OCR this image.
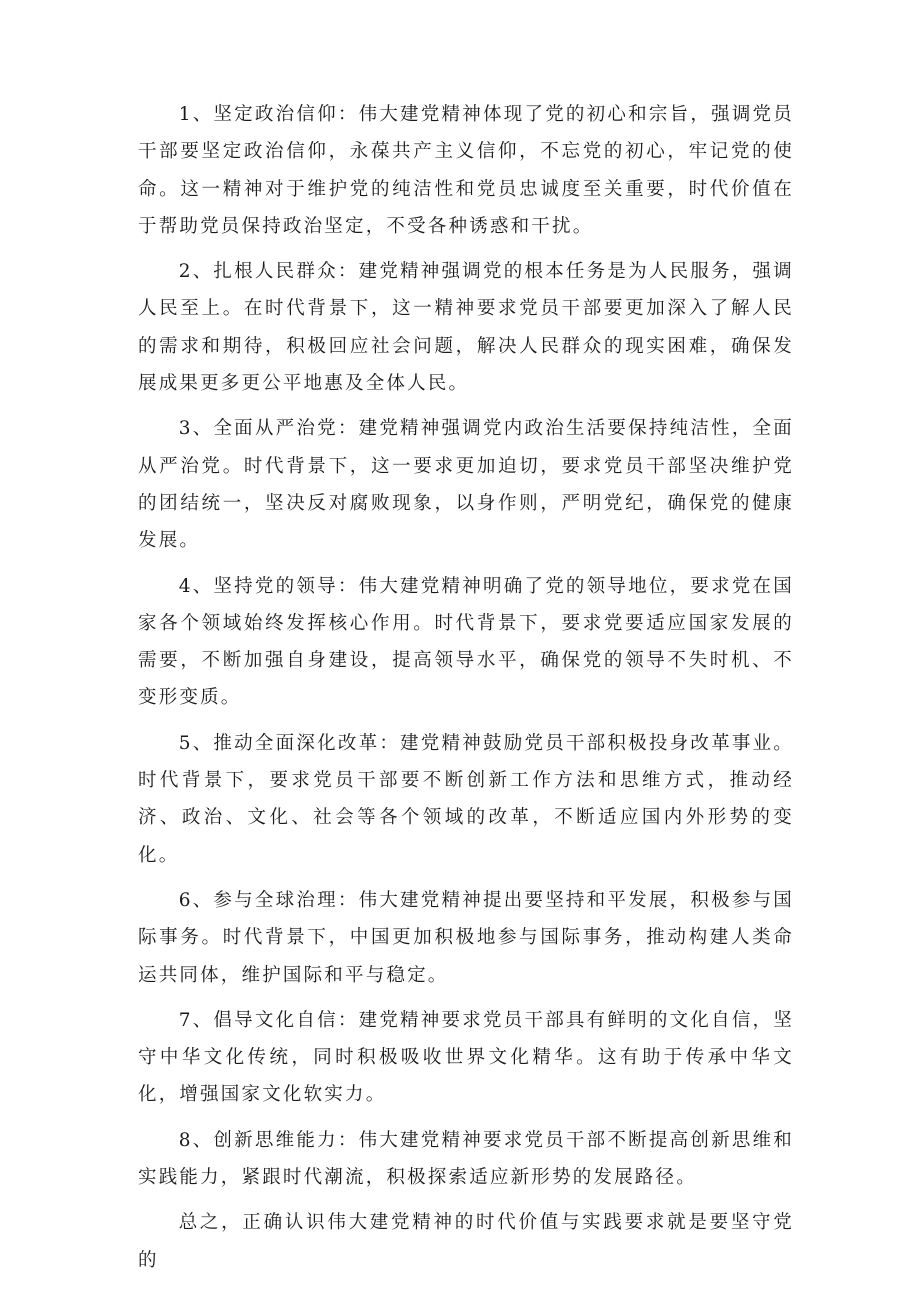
1、坚定政治信仰：伟大建党精神体现了党的初心和宗旨，强调党员干部要坚定政治信仰，永葆共产主义信仰，不忘党的初心，牢记党的使命。这一精神对于维护党的纯洁性和党员忠诚度至关重要，时代价值在于帮助党员保持政治坚定，不受各种诱惑和干扰。

2、扎根人民群众：建党精神强调党的根本任务是为人民服务，强调人民至上。在时代背景下，这一精神要求党员干部要更加深入了解人民的需求和期待，积极回应社会问题，解决人民群众的现实困难，确保发展成果更多更公平地惠及全体人民。

3、全面从严治党：建党精神强调党内政治生活要保持纯洁性，全面从严治党。时代背景下，这一要求更加迫切，要求党员干部坚决维护党的团结统一，坚决反对腐败现象，以身作则，严明党纪，确保党的健康发展。

4、坚持党的领导：伟大建党精神明确了党的领导地位，要求党在国家各个领域始终发挥核心作用。时代背景下，要求党要适应国家发展的需要，不断加强自身建设，提高领导水平，确保党的领导不失时机、不变形变质。

5、推动全面深化改革：建党精神鼓励党员干部积极投身改革事业。时代背景下，要求党员干部要不断创新工作方法和思维方式，推动经济、政治、文化、社会等各个领域的改革，不断适应国内外形势的变化。

6、参与全球治理：伟大建党精神提出要坚持和平发展，积极参与国际事务。时代背景下，中国更加积极地参与国际事务，推动构建人类命运共同体，维护国际和平与稳定。

7、倡导文化自信：建党精神要求党员干部具有鲜明的文化自信，坚守中华文化传统，同时积极吸收世界文化精华。这有助于传承中华文化，增强国家文化软实力。

8、创新思维能力：伟大建党精神要求党员干部不断提高创新思维和实践能力，紧跟时代潮流，积极探索适应新形势的发展路径。

总之，正确认识伟大建党精神的时代价值与实践要求就是要坚守党的
